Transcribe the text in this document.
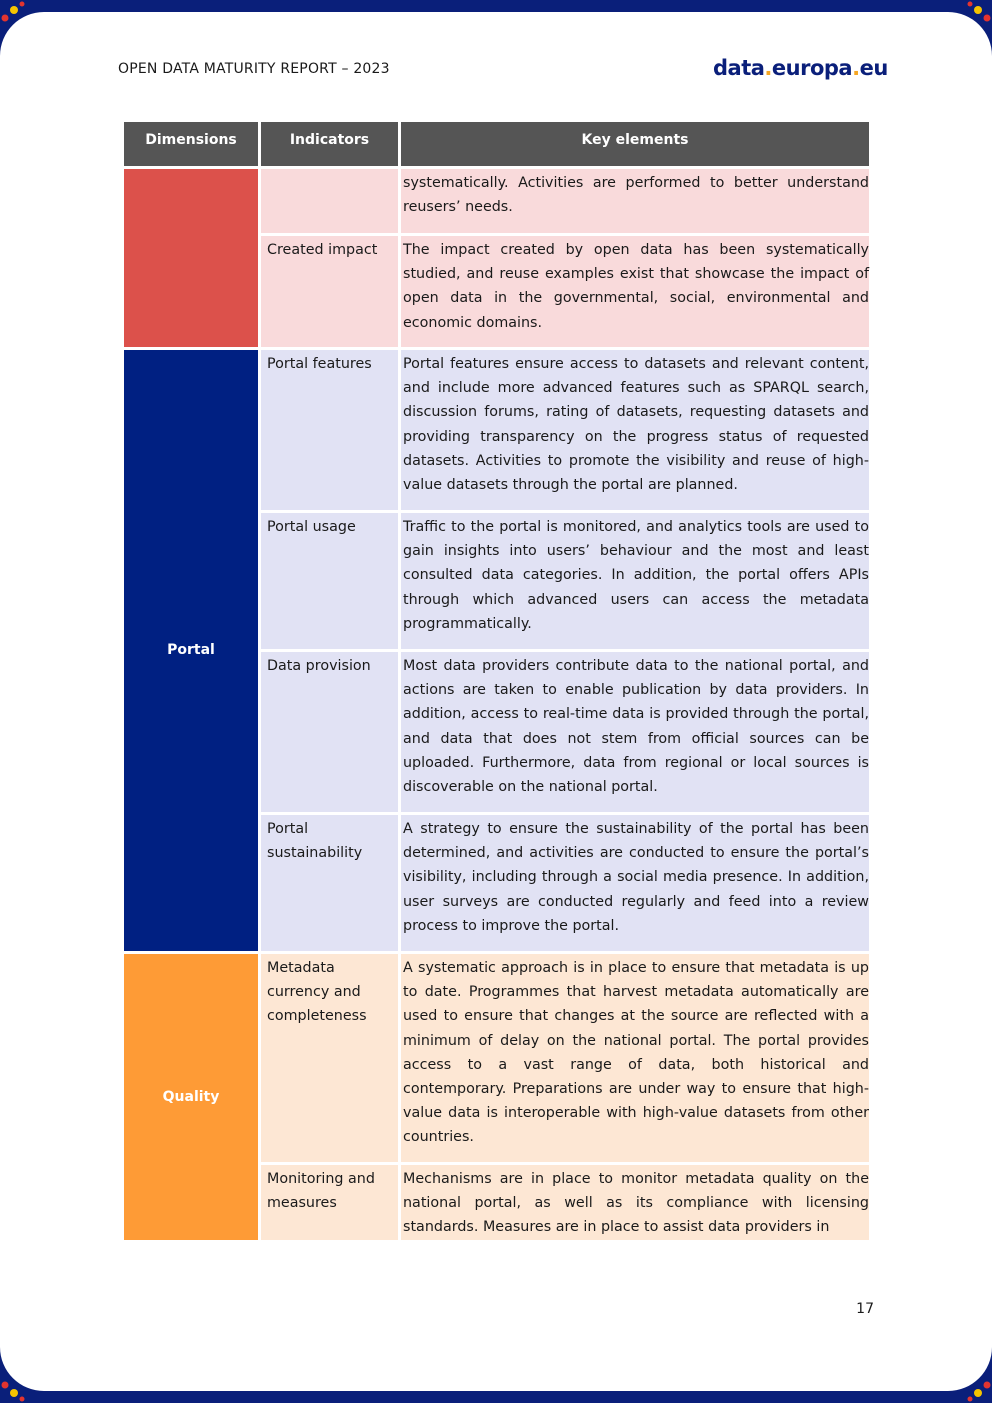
OPEN DATA MATURITY REPORT – 2023	data.europa.eu
Dimensions	Indicators	Key elements
		systematically. Activities are performed to better understand reusers’ needs.
	Created impact	The impact created by open data has been systematically studied, and reuse examples exist that showcase the impact of open data in the governmental, social, environmental and economic domains.
Portal	Portal features	Portal features ensure access to datasets and relevant content, and include more advanced features such as SPARQL search, discussion forums, rating of datasets, requesting datasets and providing transparency on the progress status of requested datasets. Activities to promote the visibility and reuse of high-value datasets through the portal are planned.
	Portal usage	Traffic to the portal is monitored, and analytics tools are used to gain insights into users’ behaviour and the most and least consulted data categories. In addition, the portal offers APIs through which advanced users can access the metadata programmatically.
	Data provision	Most data providers contribute data to the national portal, and actions are taken to enable publication by data providers. In addition, access to real-time data is provided through the portal, and data that does not stem from official sources can be uploaded. Furthermore, data from regional or local sources is discoverable on the national portal.
	Portal sustainability	A strategy to ensure the sustainability of the portal has been determined, and activities are conducted to ensure the portal’s visibility, including through a social media presence. In addition, user surveys are conducted regularly and feed into a review process to improve the portal.
Quality	Metadata currency and completeness	A systematic approach is in place to ensure that metadata is up to date. Programmes that harvest metadata automatically are used to ensure that changes at the source are reflected with a minimum of delay on the national portal. The portal provides access to a vast range of data, both historical and contemporary. Preparations are under way to ensure that high-value data is interoperable with high-value datasets from other countries.
	Monitoring and measures	Mechanisms are in place to monitor metadata quality on the national portal, as well as its compliance with licensing standards. Measures are in place to assist data providers in
17
